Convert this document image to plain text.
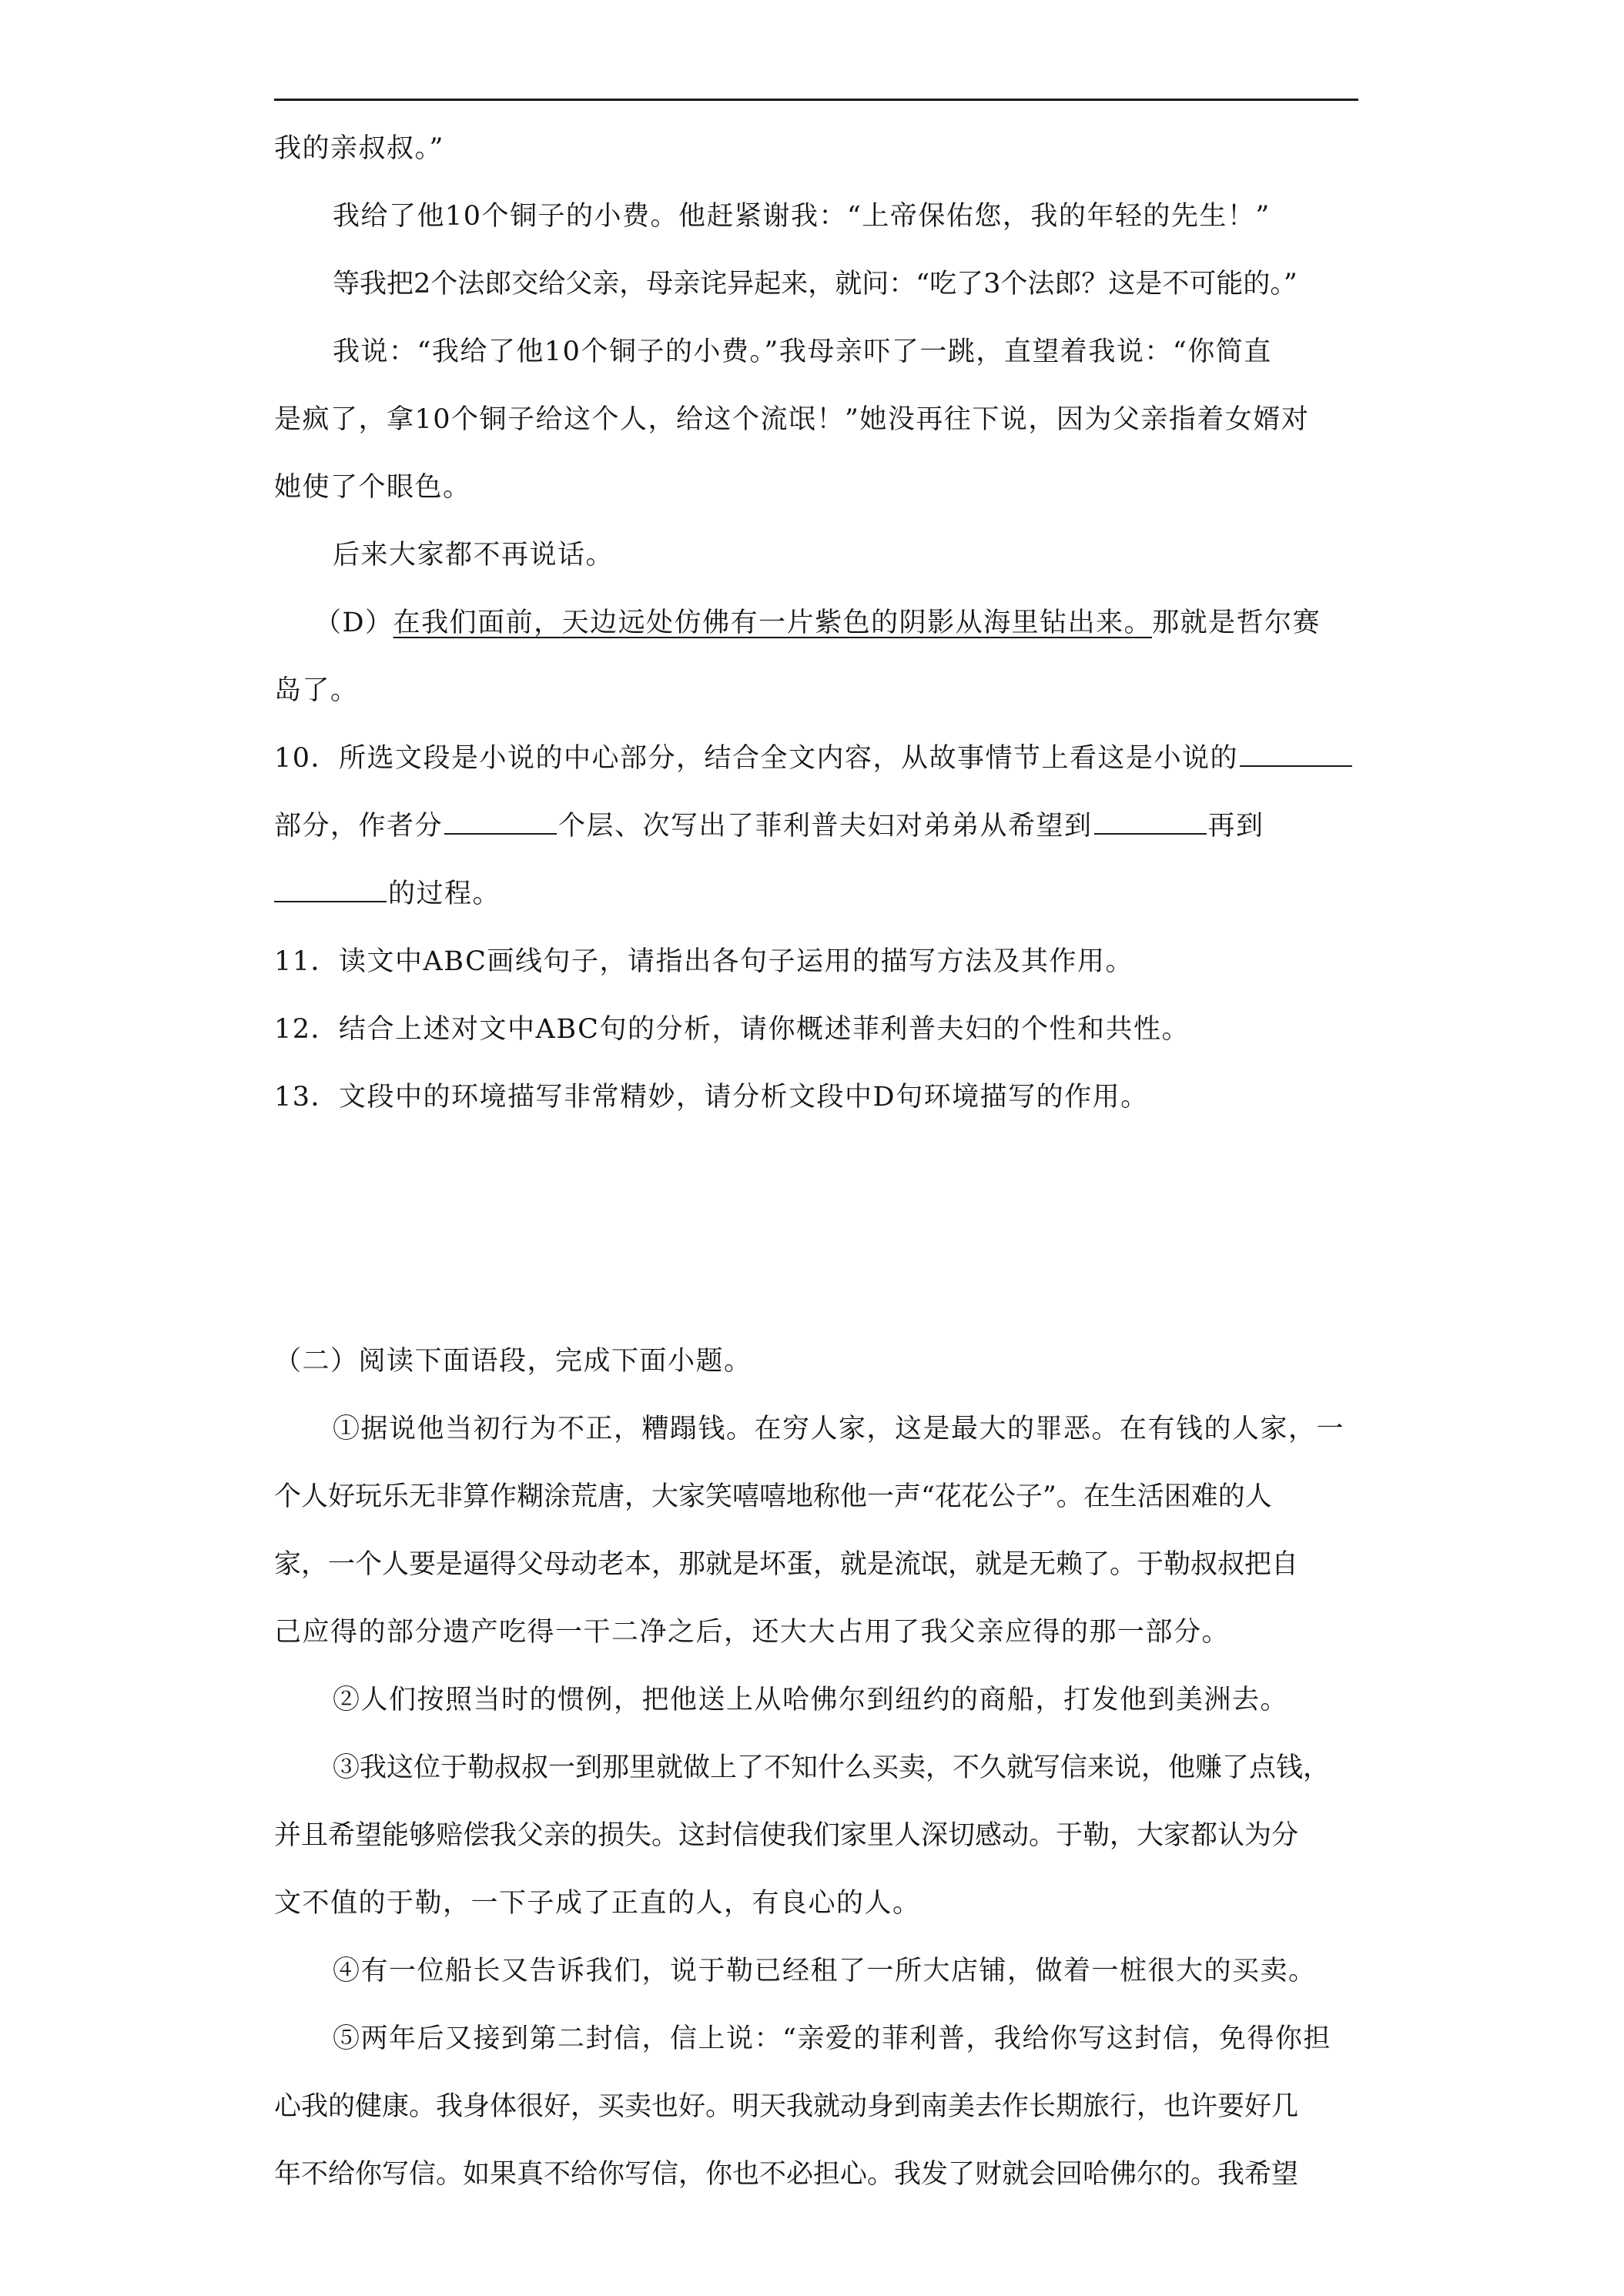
我的亲叔叔。”
我给了他10个铜子的小费。他赶紧谢我：“上帝保佑您，我的年轻的先生！”
等我把2个法郎交给父亲，母亲诧异起来，就问：“吃了3个法郎？这是不可能的。”
我说：“我给了他10个铜子的小费。”我母亲吓了一跳，直望着我说：“你简直
是疯了，拿10个铜子给这个人，给这个流氓！”她没再往下说，因为父亲指着女婿对
她使了个眼色。
后来大家都不再说话。
（D）在我们面前，天边远处仿佛有一片紫色的阴影从海里钻出来。那就是哲尔赛
岛了。
10．所选文段是小说的中心部分，结合全文内容，从故事情节上看这是小说的
部分，作者分	个层、次写出了菲利普夫妇对弟弟从希望到	再到
的过程。
11．读文中ABC画线句子，请指出各句子运用的描写方法及其作用。
12．结合上述对文中ABC句的分析，请你概述菲利普夫妇的个性和共性。
13．文段中的环境描写非常精妙，请分析文段中D句环境描写的作用。
（二）阅读下面语段，完成下面小题。
①据说他当初行为不正，糟蹋钱。在穷人家，这是最大的罪恶。在有钱的人家，一
个人好玩乐无非算作糊涂荒唐，大家笑嘻嘻地称他一声“花花公子”。在生活困难的人
家，一个人要是逼得父母动老本，那就是坏蛋，就是流氓，就是无赖了。于勒叔叔把自
己应得的部分遗产吃得一干二净之后，还大大占用了我父亲应得的那一部分。
②人们按照当时的惯例，把他送上从哈佛尔到纽约的商船，打发他到美洲去。
③我这位于勒叔叔一到那里就做上了不知什么买卖，不久就写信来说，他赚了点钱，
并且希望能够赔偿我父亲的损失。这封信使我们家里人深切感动。于勒，大家都认为分
文不值的于勒，一下子成了正直的人，有良心的人。
④有一位船长又告诉我们，说于勒已经租了一所大店铺，做着一桩很大的买卖。
⑤两年后又接到第二封信，信上说：“亲爱的菲利普，我给你写这封信，免得你担
心我的健康。我身体很好，买卖也好。明天我就动身到南美去作长期旅行，也许要好几
年不给你写信。如果真不给你写信，你也不必担心。我发了财就会回哈佛尔的。我希望
